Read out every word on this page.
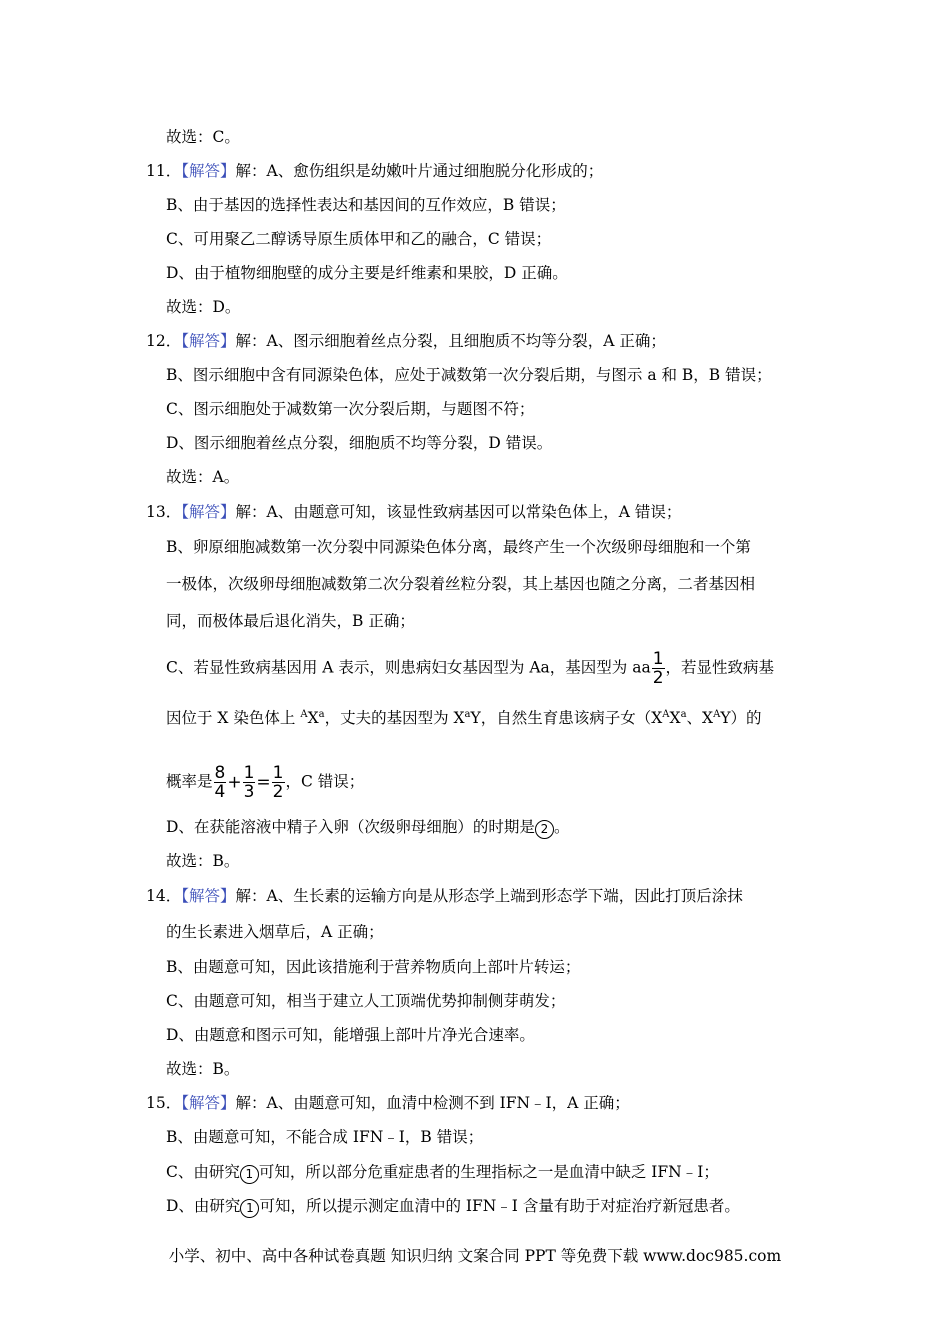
故选：C。
11．【解答】解：A、愈伤组织是幼嫩叶片通过细胞脱分化形成的；
B、由于基因的选择性表达和基因间的互作效应，B 错误；
C、可用聚乙二醇诱导原生质体甲和乙的融合，C 错误；
D、由于植物细胞壁的成分主要是纤维素和果胶，D 正确。
故选：D。
12．【解答】解：A、图示细胞着丝点分裂，且细胞质不均等分裂，A 正确；
B、图示细胞中含有同源染色体，应处于减数第一次分裂后期，与图示 a 和 B，B 错误；
C、图示细胞处于减数第一次分裂后期，与题图不符；
D、图示细胞着丝点分裂，细胞质不均等分裂，D 错误。
故选：A。
13．【解答】解：A、由题意可知，该显性致病基因可以常染色体上，A 错误；
B、卵原细胞减数第一次分裂中同源染色体分离，最终产生一个次级卵母细胞和一个第
一极体，次级卵母细胞减数第二次分裂着丝粒分裂，其上基因也随之分离，二者基因相
同，而极体最后退化消失，B 正确；
C、若显性致病基因用 A 表示，则患病妇女基因型为 Aa，基因型为 aa $\frac{1}{2}$ ，若显性致病基
因位于 X 染色体上 $^AX^a$，丈夫的基因型为 $X^aY$，自然生育患该病子女（$X^AX^a$、$X^AY$）的
概率是 $\frac{8}{4} + \frac{1}{3} = \frac{1}{2}$ ，C 错误；
D、在获能溶液中精子入卵（次级卵母细胞）的时期是 2 。
故选：B。
14．【解答】解：A、生长素的运输方向是从形态学上端到形态学下端，因此打顶后涂抹
的生长素进入烟草后，A 正确；
B、由题意可知，因此该措施利于营养物质向上部叶片转运；
C、由题意可知，相当于建立人工顶端优势抑制侧芽萌发；
D、由题意和图示可知，能增强上部叶片净光合速率。
故选：B。
15．【解答】解：A、由题意可知，血清中检测不到 IFN﹣Ⅰ，A 正确；
B、由题意可知，不能合成 IFN﹣Ⅰ，B 错误；
C、由研究 1 可知，所以部分危重症患者的生理指标之一是血清中缺乏 IFN﹣Ⅰ；
D、由研究 1 可知，所以提示测定血清中的 IFN﹣Ⅰ 含量有助于对症治疗新冠患者。
小学、初中、高中各种试卷真题 知识归纳 文案合同 PPT 等免费下载 www.doc985.com
